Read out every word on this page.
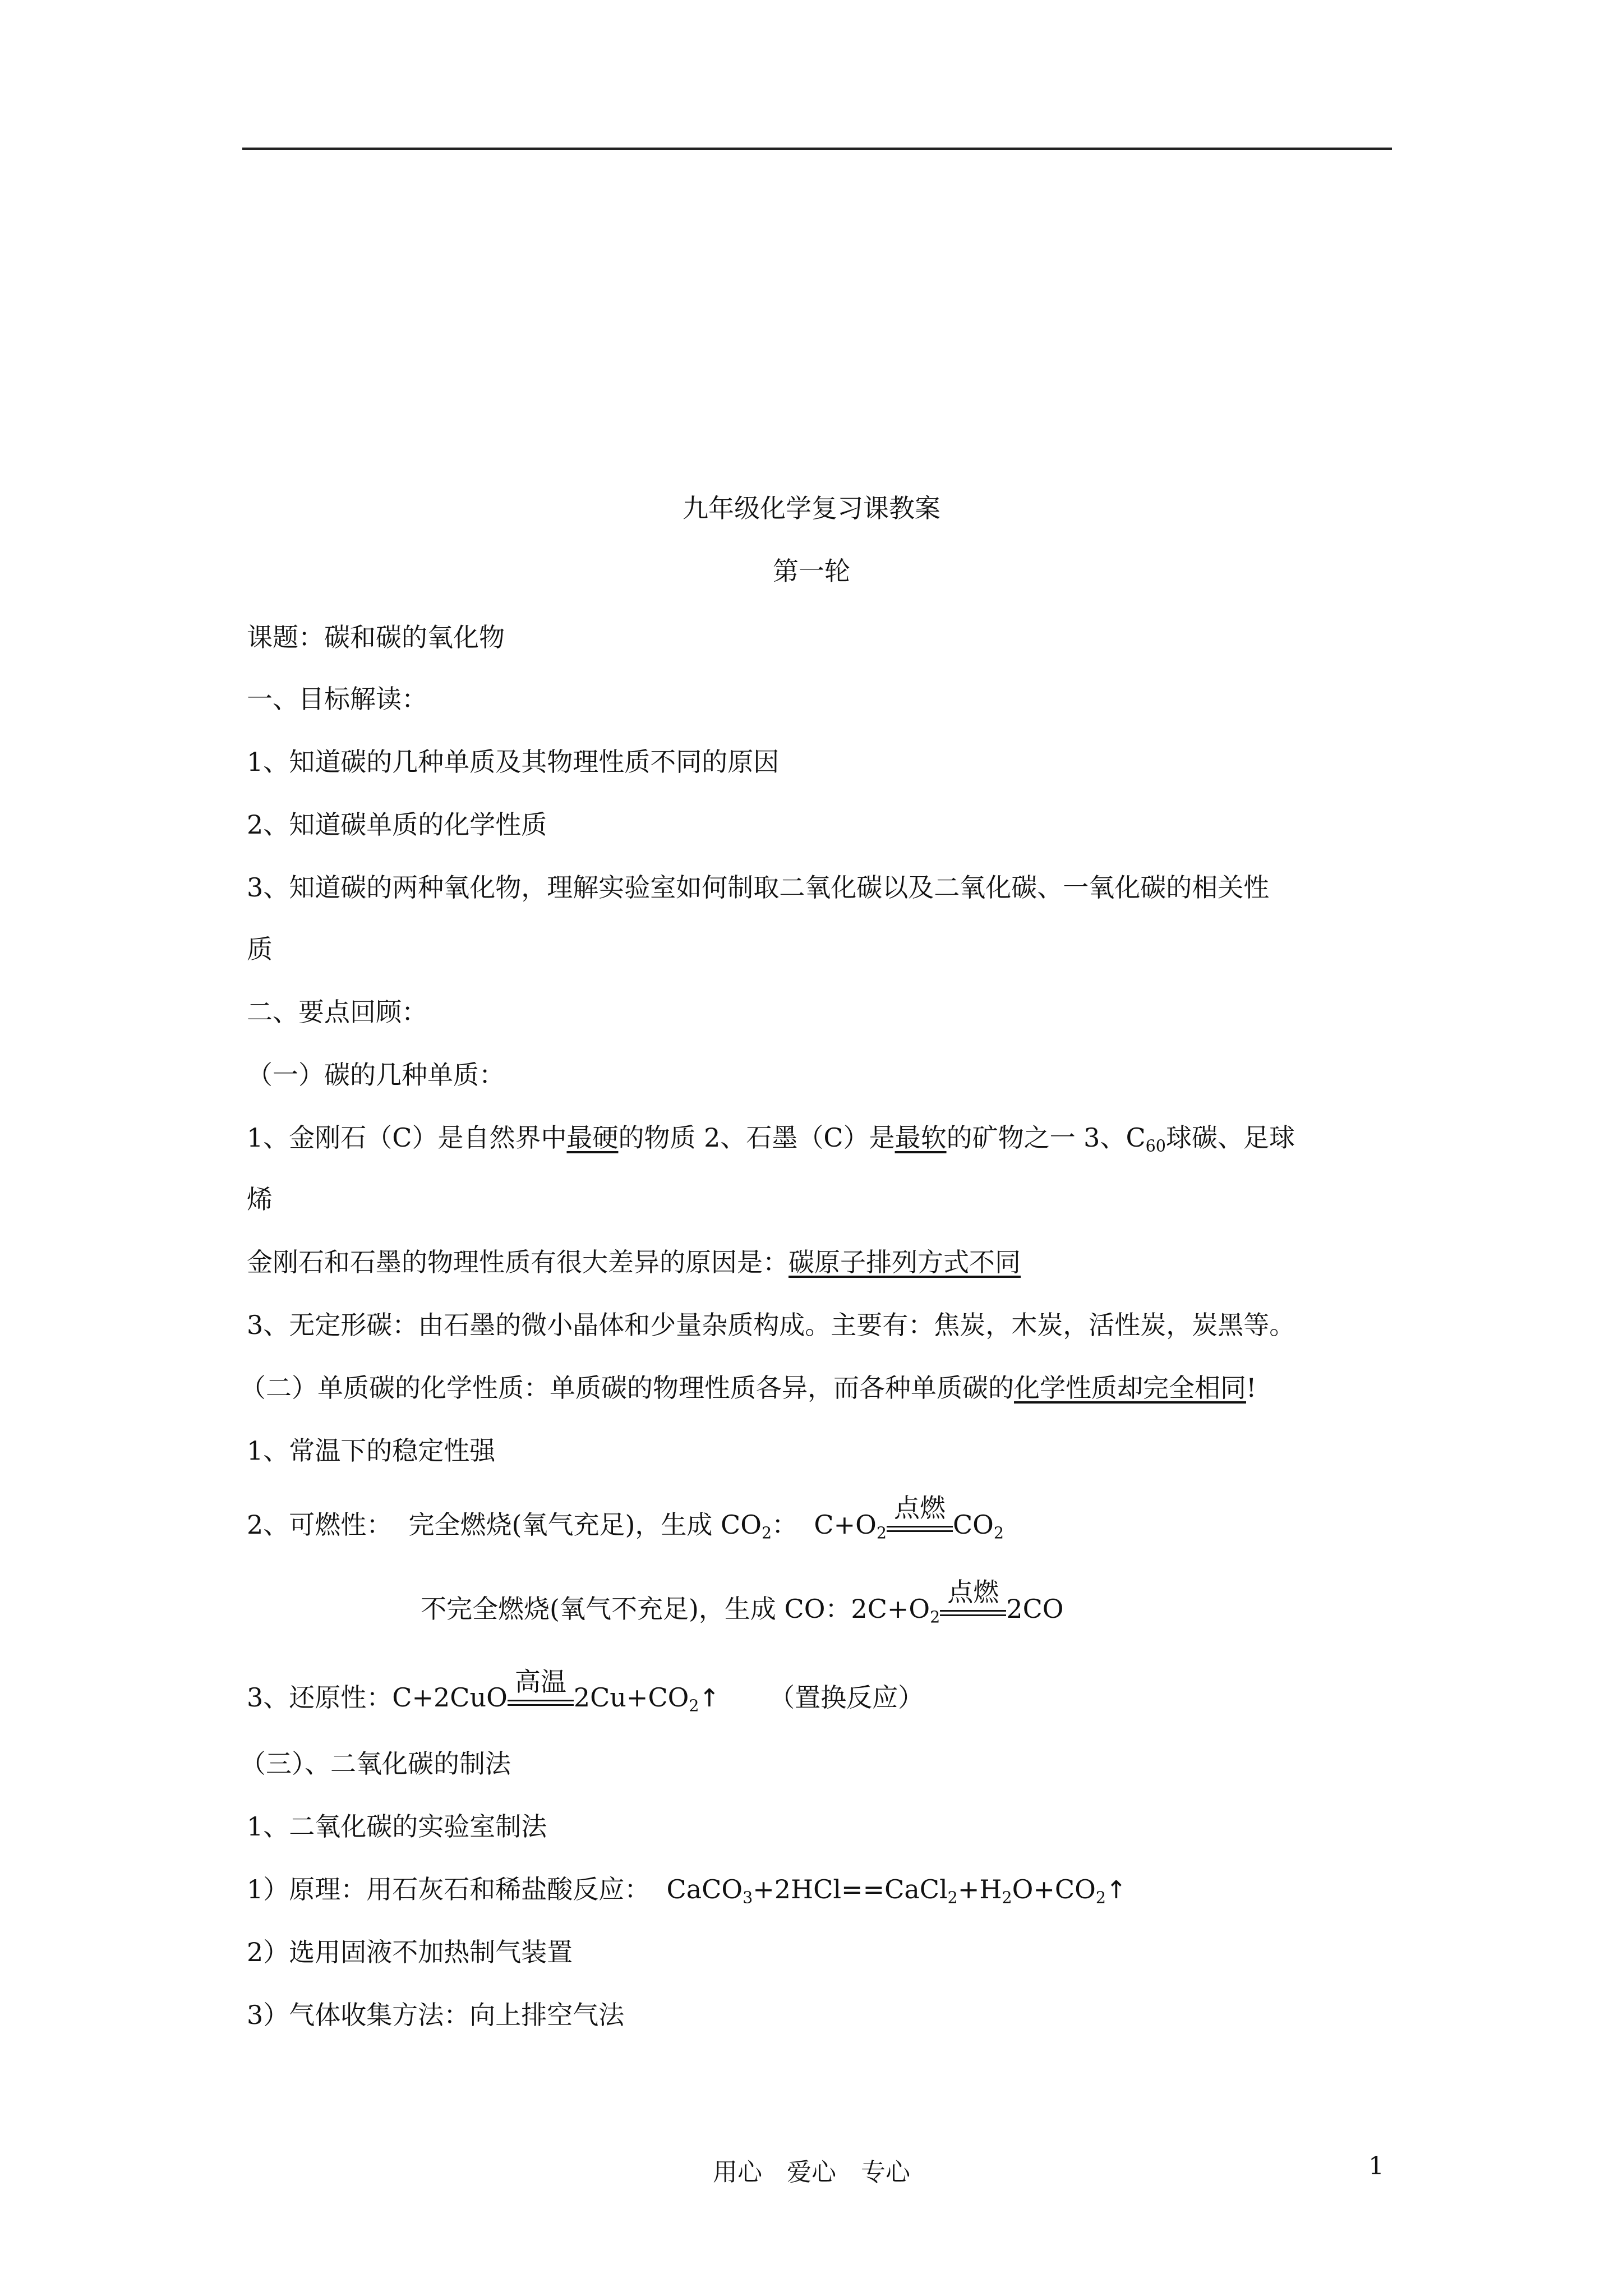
九年级化学复习课教案
第一轮
课题：碳和碳的氧化物
一、目标解读：
1、知道碳的几种单质及其物理性质不同的原因
2、知道碳单质的化学性质
3、知道碳的两种氧化物，理解实验室如何制取二氧化碳以及二氧化碳、一氧化碳的相关性
质
二、要点回顾：
（一）碳的几种单质：
1、金刚石（C）是自然界中最硬的物质 2、石墨（C）是最软的矿物之一 3、$C_{60}$球碳、足球
烯
金刚石和石墨的物理性质有很大差异的原因是：碳原子排列方式不同
3、无定形碳：由石墨的微小晶体和少量杂质构成。主要有：焦炭，木炭，活性炭，炭黑等。
（二）单质碳的化学性质：单质碳的物理性质各异，而各种单质碳的化学性质却完全相同!
1、常温下的稳定性强
2、可燃性： 完全燃烧(氧气充足)，生成 $CO_2$： $C+O_2$
点燃
$CO_2$
不完全燃烧(氧气不充足)，生成 CO：$2C+O_2$
点燃
2CO
3、还原性：C+2CuO
高温
$2Cu+CO_2↑$ （置换反应）
（三）、二氧化碳的制法
1、二氧化碳的实验室制法
1）原理：用石灰石和稀盐酸反应： $CaCO_3+2HCl==CaCl_2+H_2O+CO_2↑$
2）选用固液不加热制气装置
3）气体收集方法：向上排空气法
用心 爱心 专心	1
